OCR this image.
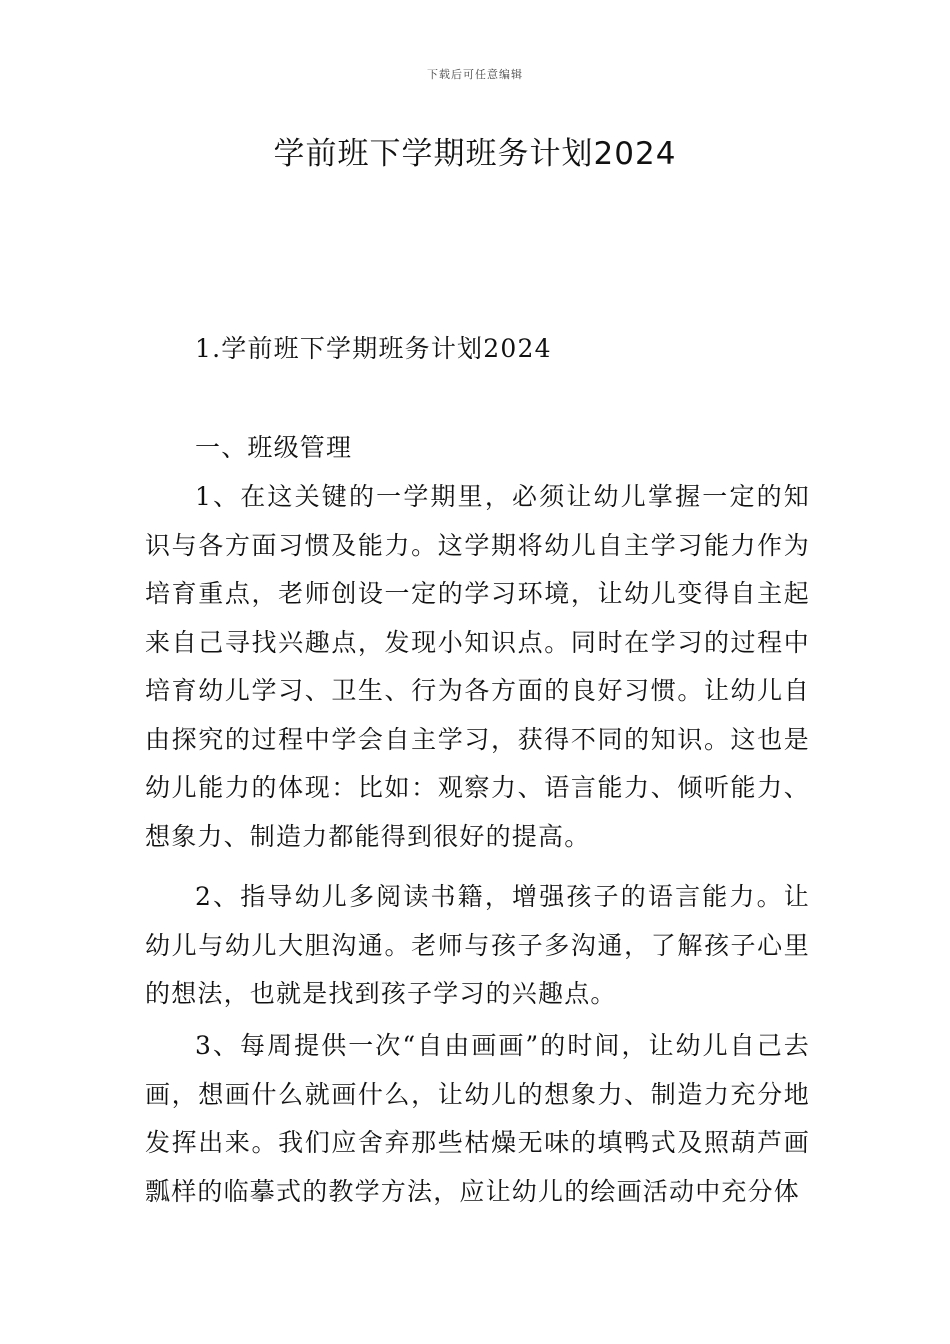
下载后可任意编辑
学前班下学期班务计划2024

1.学前班下学期班务计划2024

一、班级管理

1、在这关键的一学期里，必须让幼儿掌握一定的知识与各方面习惯及能力。这学期将幼儿自主学习能力作为培育重点，老师创设一定的学习环境，让幼儿变得自主起来自己寻找兴趣点，发现小知识点。同时在学习的过程中培育幼儿学习、卫生、行为各方面的良好习惯。让幼儿自由探究的过程中学会自主学习，获得不同的知识。这也是幼儿能力的体现：比如：观察力、语言能力、倾听能力、想象力、制造力都能得到很好的提高。

2、指导幼儿多阅读书籍，增强孩子的语言能力。让幼儿与幼儿大胆沟通。老师与孩子多沟通，了解孩子心里的想法，也就是找到孩子学习的兴趣点。

3、每周提供一次“自由画画”的时间，让幼儿自己去画，想画什么就画什么，让幼儿的想象力、制造力充分地发挥出来。我们应舍弃那些枯燥无味的填鸭式及照葫芦画瓢样的临摹式的教学方法，应让幼儿的绘画活动中充分体
